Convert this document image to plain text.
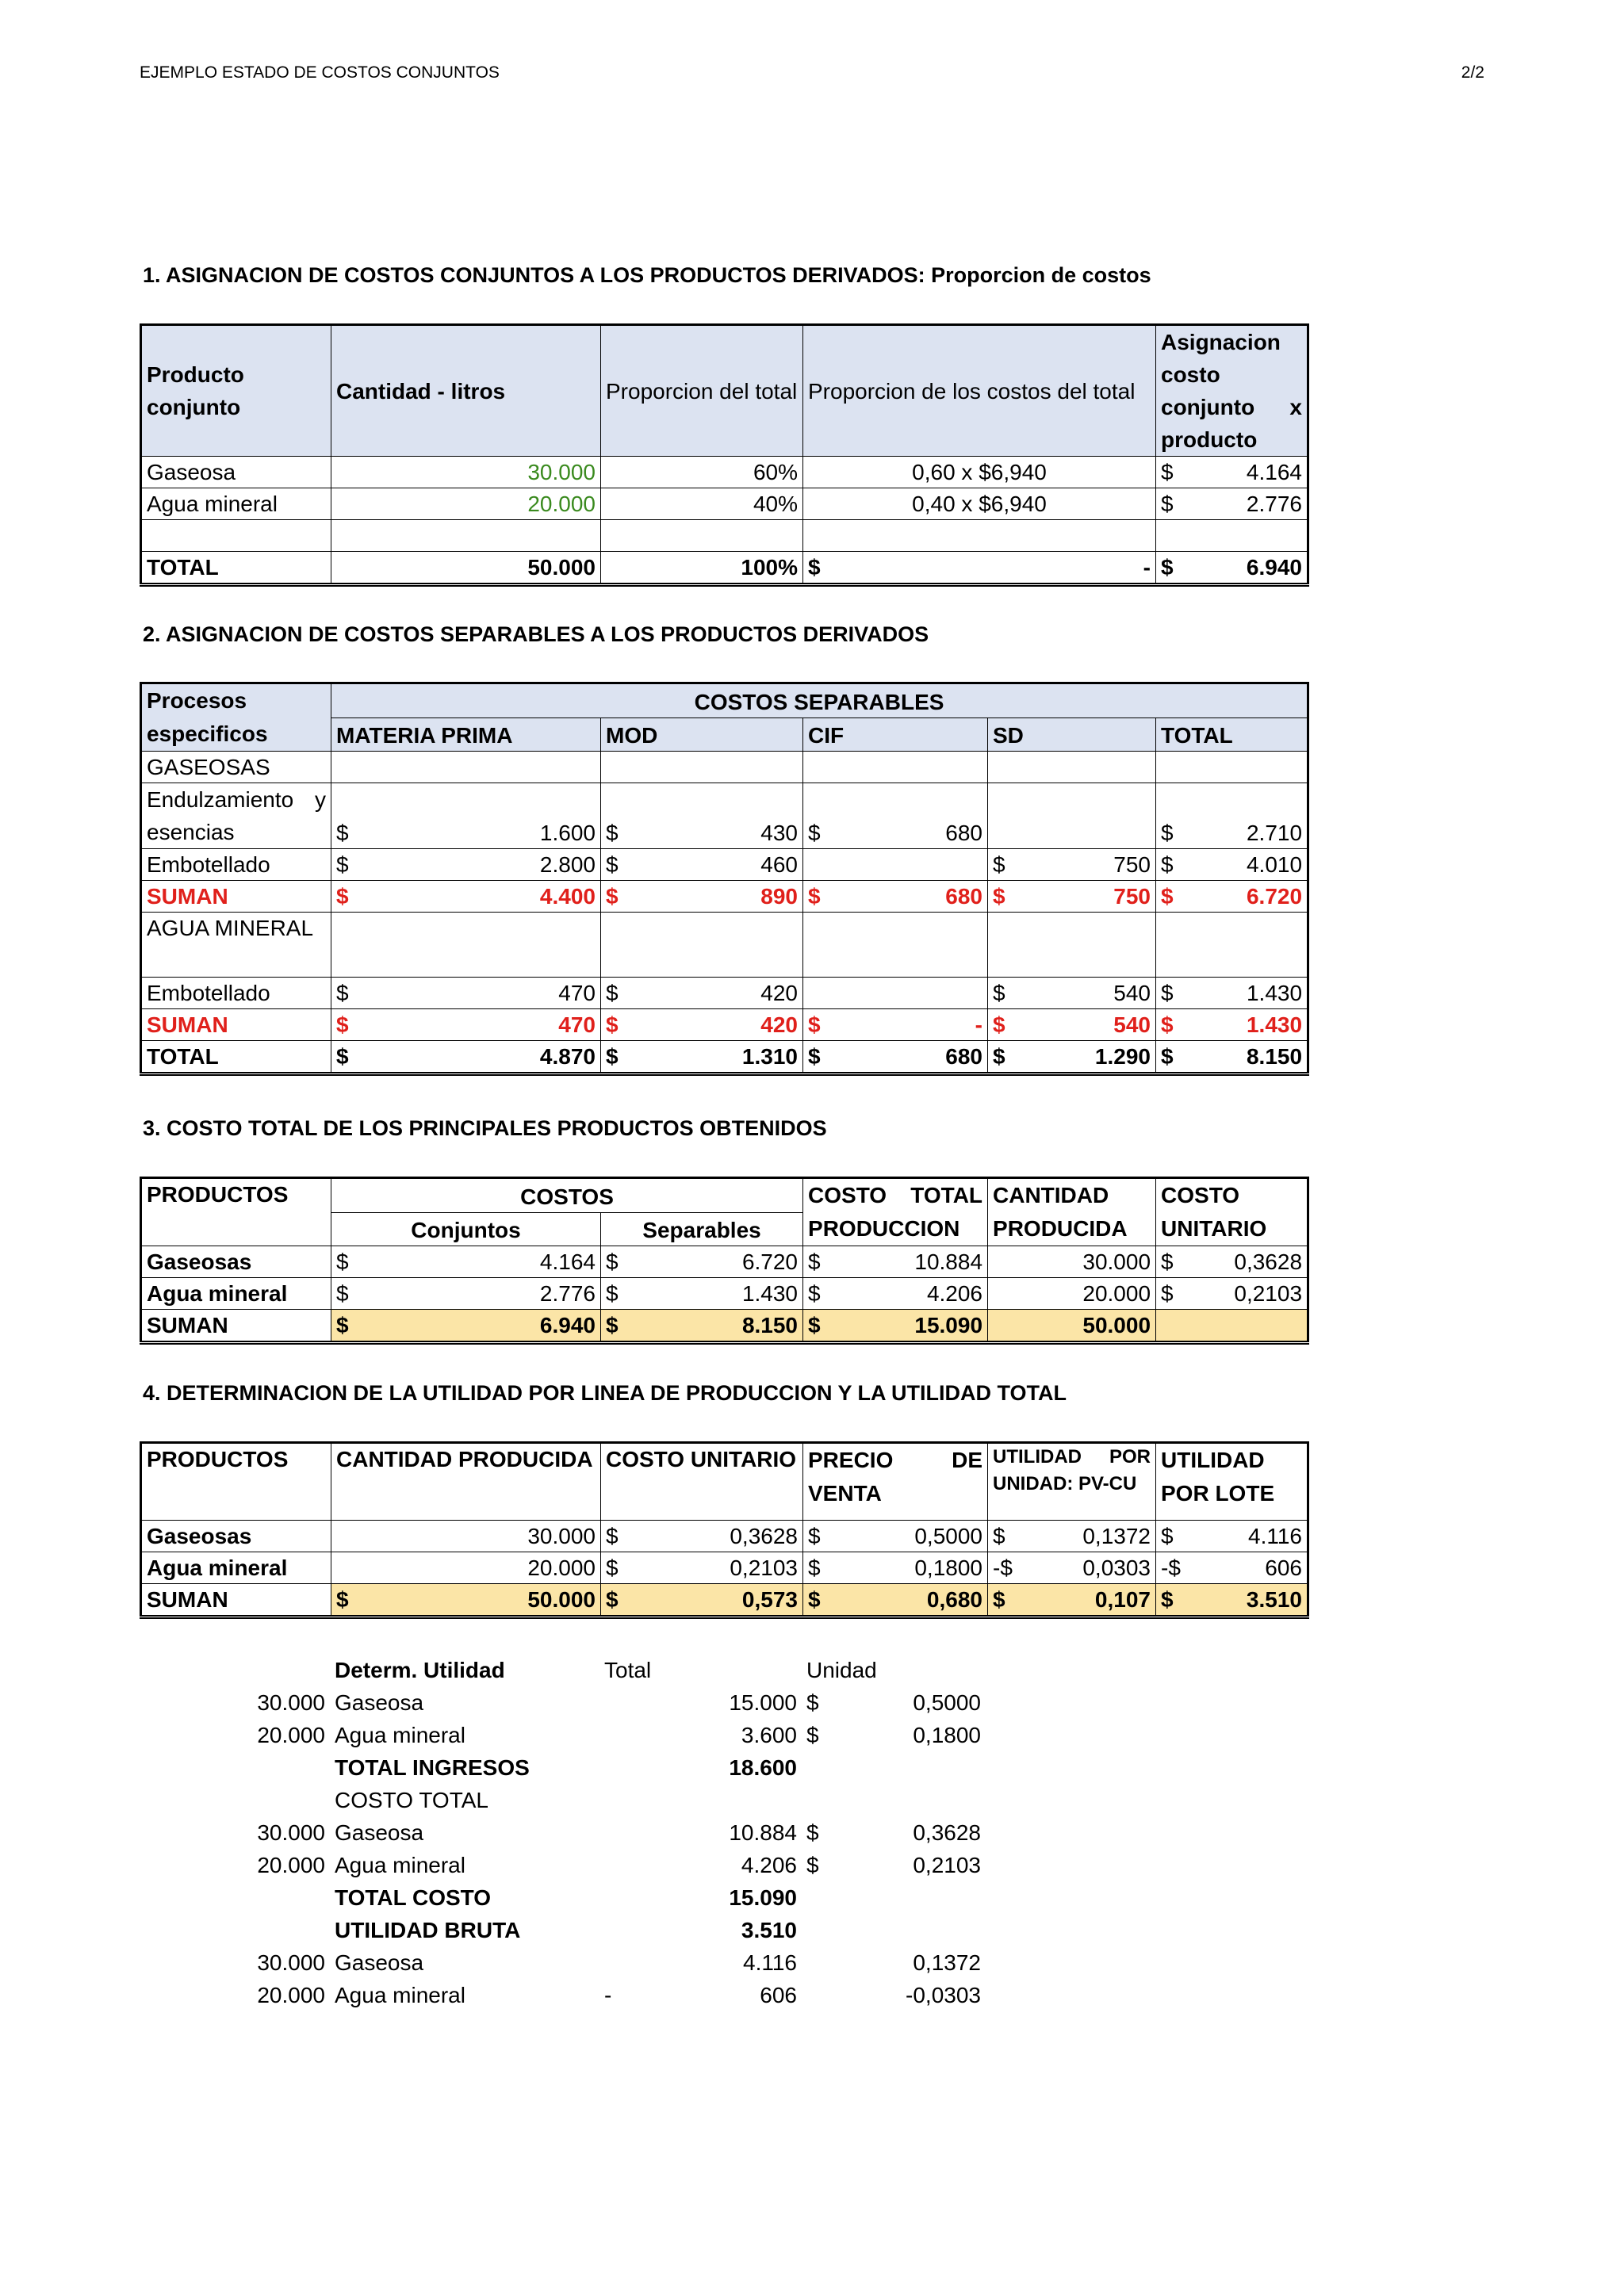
EJEMPLO ESTADO DE COSTOS CONJUNTOS	2/2
1. ASIGNACION DE COSTOS CONJUNTOS A LOS PRODUCTOS DERIVADOS: Proporcion de costos
Producto conjunto	Cantidad - litros	Proporcion del total	Proporcion de los costos del total	Asignacion costo conjunto x producto
Gaseosa	30.000	60%	0,60 x $6,940	$ 4.164

Agua mineral	20.000	40%	0,40 x $6,940	$ 2.776

TOTAL	50.000	100%	$ -	$ 6.940
2. ASIGNACION DE COSTOS SEPARABLES A LOS PRODUCTOS DERIVADOS
Procesos especificos	COSTOS SEPARABLES				
	MATERIA PRIMA	MOD	CIF	SD	TOTAL
GASEOSAS					
Endulzamiento y esencias	$ 1.600	$ 430	$ 680		$ 2.710

Embotellado	$ 2.800	$ 460		$ 750	$ 4.010

SUMAN	$ 4.400	$ 890	$ 680	$ 750	$ 6.720

AGUA MINERAL					
Embotellado	$ 470	$ 420		$ 540	$ 1.430

SUMAN	$ 470	$ 420	$ -	$ 540	$ 1.430

TOTAL	$ 4.870	$ 1.310	$ 680	$ 1.290	$ 8.150
3. COSTO TOTAL DE LOS PRINCIPALES PRODUCTOS OBTENIDOS
PRODUCTOS	COSTOS		COSTO TOTAL PRODUCCION	CANTIDAD PRODUCIDA	COSTO UNITARIO
	Conjuntos	Separables			
Gaseosas	$ 4.164	$ 6.720	$ 10.884	30.000	$ 0,3628

Agua mineral	$ 2.776	$ 1.430	$ 4.206	20.000	$ 0,2103

SUMAN	$ 6.940	$ 8.150	$ 15.090	50.000	
4. DETERMINACION DE LA UTILIDAD POR LINEA DE PRODUCCION Y LA UTILIDAD TOTAL
PRODUCTOS	CANTIDAD PRODUCIDA	COSTO UNITARIO	PRECIO DE VENTA	UTILIDAD POR UNIDAD: PV-CU	UTILIDAD POR LOTE
Gaseosas	30.000	$ 0,3628	$ 0,5000	$ 0,1372	$ 4.116

Agua mineral	20.000	$ 0,2103	$ 0,1800	-$ 0,0303	-$ 606

SUMAN	$ 50.000	$ 0,573	$ 0,680	$ 0,107	$ 3.510
	Determ. Utilidad	Total	Unidad
30.000	Gaseosa	15.000	$ 0,5000

20.000	Agua mineral	3.600	$ 0,1800

	TOTAL INGRESOS	18.600	
	COSTO TOTAL		
30.000	Gaseosa	10.884	$ 0,3628

20.000	Agua mineral	4.206	$ 0,2103

	TOTAL COSTO	15.090	
	UTILIDAD BRUTA	3.510	
30.000	Gaseosa	4.116	0,1372
20.000	Agua mineral	- 606	-0,0303
